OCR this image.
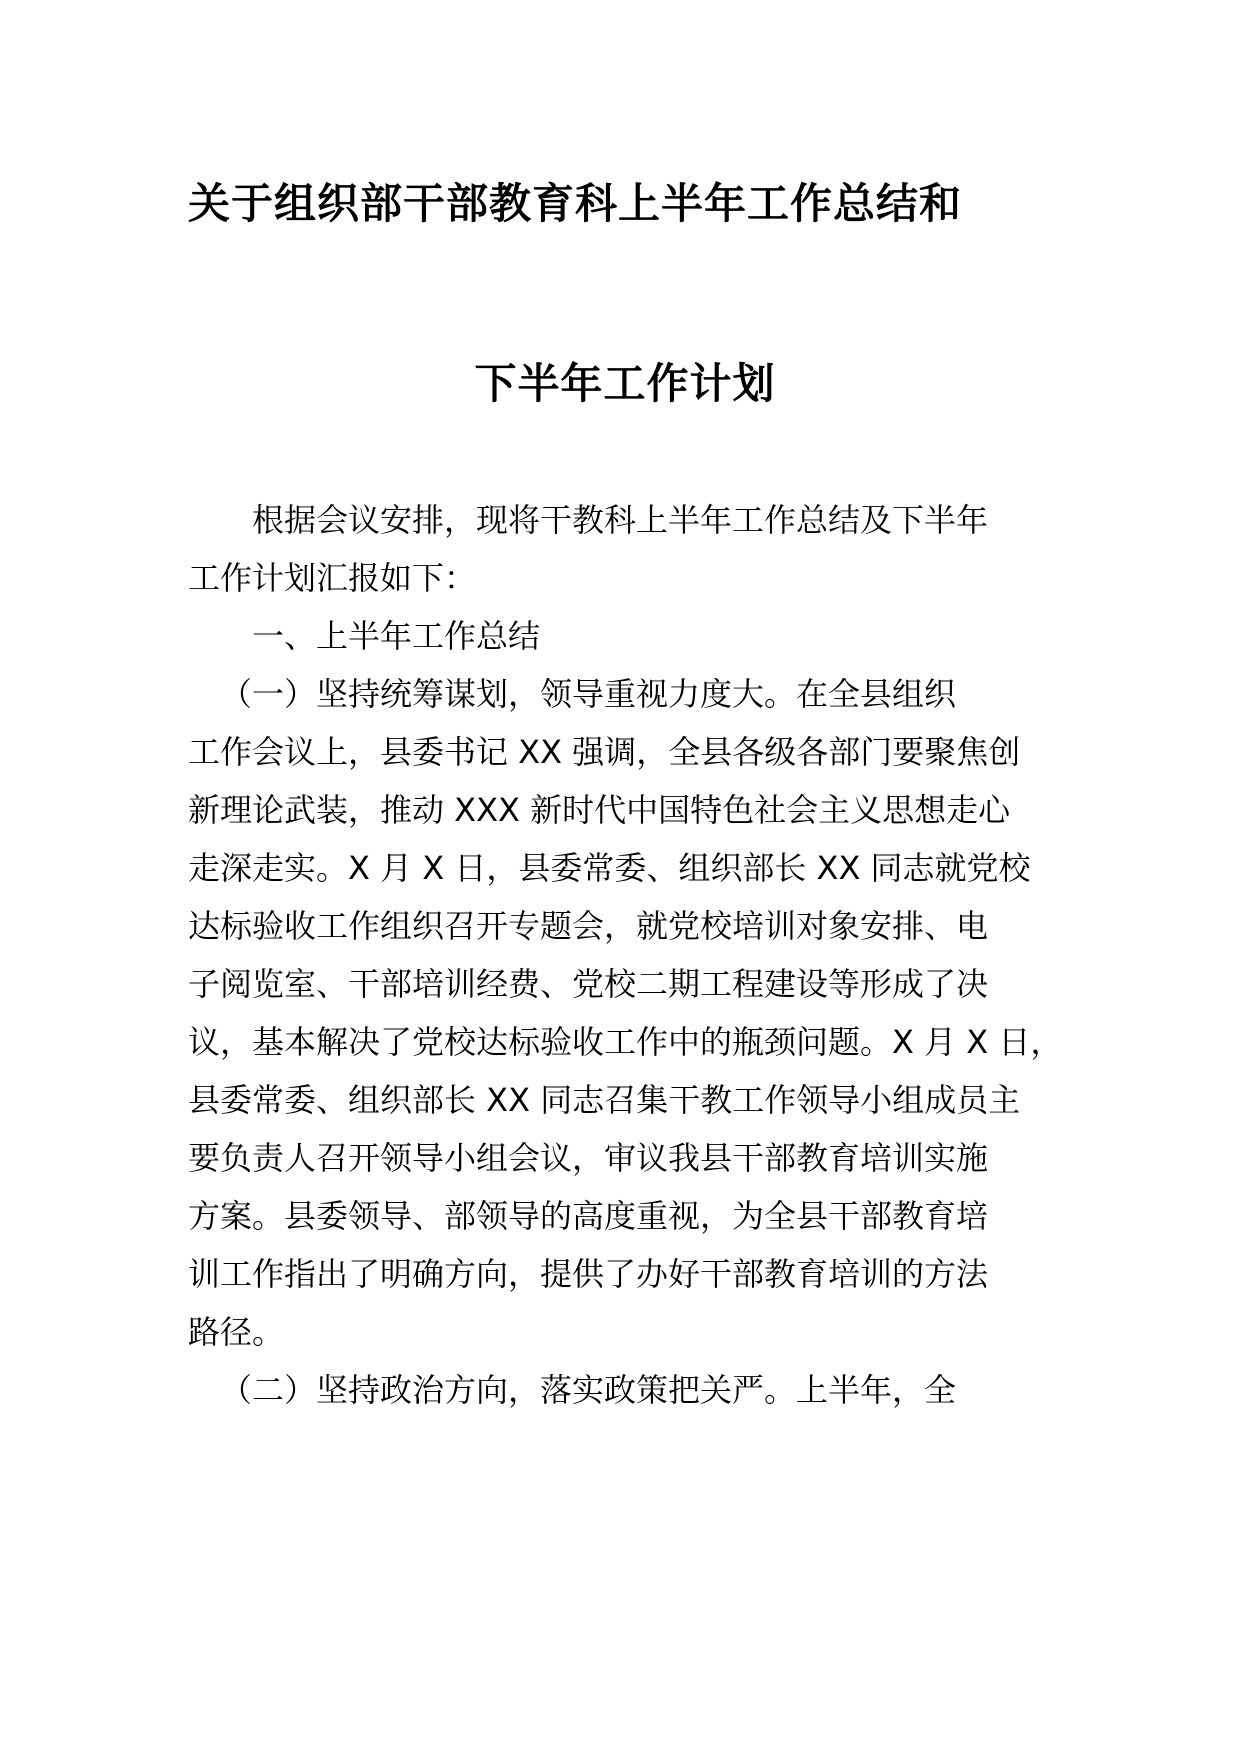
关于组织部干部教育科上半年工作总结和
下半年工作计划
根据会议安排，现将干教科上半年工作总结及下半年
工作计划汇报如下：
一、上半年工作总结
（一）坚持统筹谋划，领导重视力度大。在全县组织
工作会议上，县委书记 XX 强调，全县各级各部门要聚焦创
新理论武装，推动 XXX 新时代中国特色社会主义思想走心
走深走实。X 月 X 日，县委常委、组织部长 XX 同志就党校
达标验收工作组织召开专题会，就党校培训对象安排、电
子阅览室、干部培训经费、党校二期工程建设等形成了决
议，基本解决了党校达标验收工作中的瓶颈问题。X 月 X 日，
县委常委、组织部长 XX 同志召集干教工作领导小组成员主
要负责人召开领导小组会议，审议我县干部教育培训实施
方案。县委领导、部领导的高度重视，为全县干部教育培
训工作指出了明确方向，提供了办好干部教育培训的方法
路径。
（二）坚持政治方向，落实政策把关严。上半年，全
